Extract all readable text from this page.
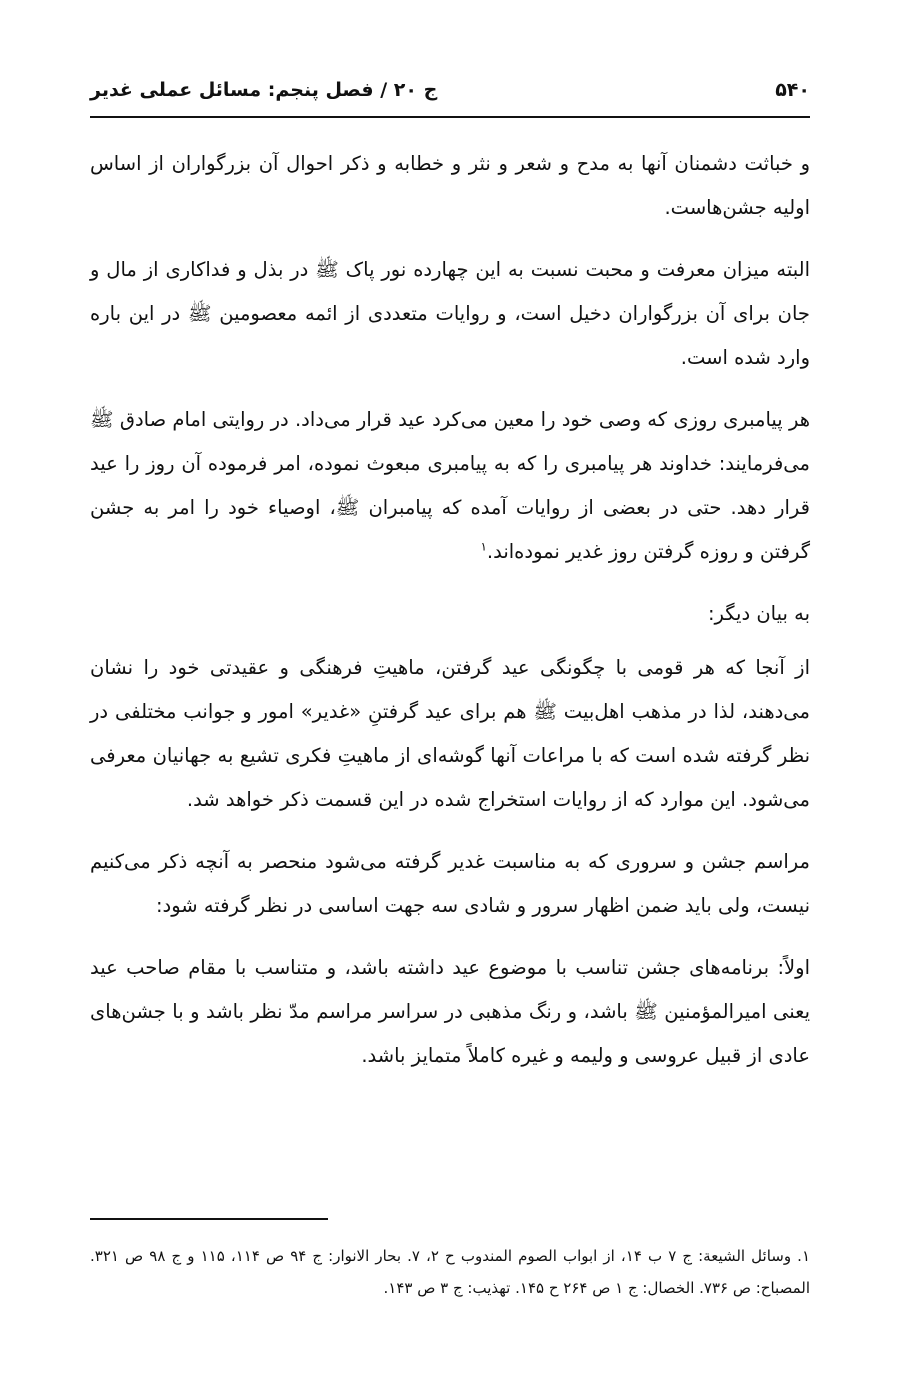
۵۴۰
ج ۲۰ / فصل پنجم: مسائل عملی غدیر

و خباثت دشمنان آنها به مدح و شعر و نثر و خطابه و ذکر احوال آن بزرگواران از اساس اولیه جشن‌هاست.

البته میزان معرفت و محبت نسبت به این چهارده نور پاک ﷺ در بذل و فداکاری از مال و جان برای آن بزرگواران دخیل است، و روایات متعددی از ائمه معصومین ﷺ در این باره وارد شده است.

هر پیامبری روزی که وصی خود را معین می‌کرد عید قرار می‌داد. در روایتی امام صادق ﷺ می‌فرمایند: خداوند هر پیامبری را که به پیامبری مبعوث نموده، امر فرموده آن روز را عید قرار دهد. حتی در بعضی از روایات آمده که پیامبران ﷺ، اوصیاء خود را امر به جشن گرفتن و روزه گرفتن روز غدیر نموده‌اند.$^۱$

به بیان دیگر:

از آنجا که هر قومی با چگونگی عید گرفتن، ماهیتِ فرهنگی و عقیدتی خود را نشان می‌دهند، لذا در مذهب اهل‌بیت ﷺ هم برای عید گرفتنِ «غدیر» امور و جوانب مختلفی در نظر گرفته شده است که با مراعات آنها گوشه‌ای از ماهیتِ فکری تشیع به جهانیان معرفی می‌شود. این موارد که از روایات استخراج شده در این قسمت ذکر خواهد شد.

مراسم جشن و سروری که به مناسبت غدیر گرفته می‌شود منحصر به آنچه ذکر می‌کنیم نیست، ولی باید ضمن اظهار سرور و شادی سه جهت اساسی در نظر گرفته شود:

اولاً: برنامه‌های جشن تناسب با موضوع عید داشته باشد، و متناسب با مقام صاحب عید یعنی امیرالمؤمنین ﷺ باشد، و رنگ مذهبی در سراسر مراسم مدّ نظر باشد و با جشن‌های عادی از قبیل عروسی و ولیمه و غیره کاملاً متمایز باشد.

۱. وسائل الشیعة: ج ۷ ب ۱۴، از ابواب الصوم المندوب ح ۲، ۷. بحار الانوار: ج ۹۴ ص ۱۱۴، ۱۱۵ و ج ۹۸ ص ۳۲۱. المصباح: ص ۷۳۶. الخصال: ج ۱ ص ۲۶۴ ح ۱۴۵. تهذیب: ج ۳ ص ۱۴۳.
